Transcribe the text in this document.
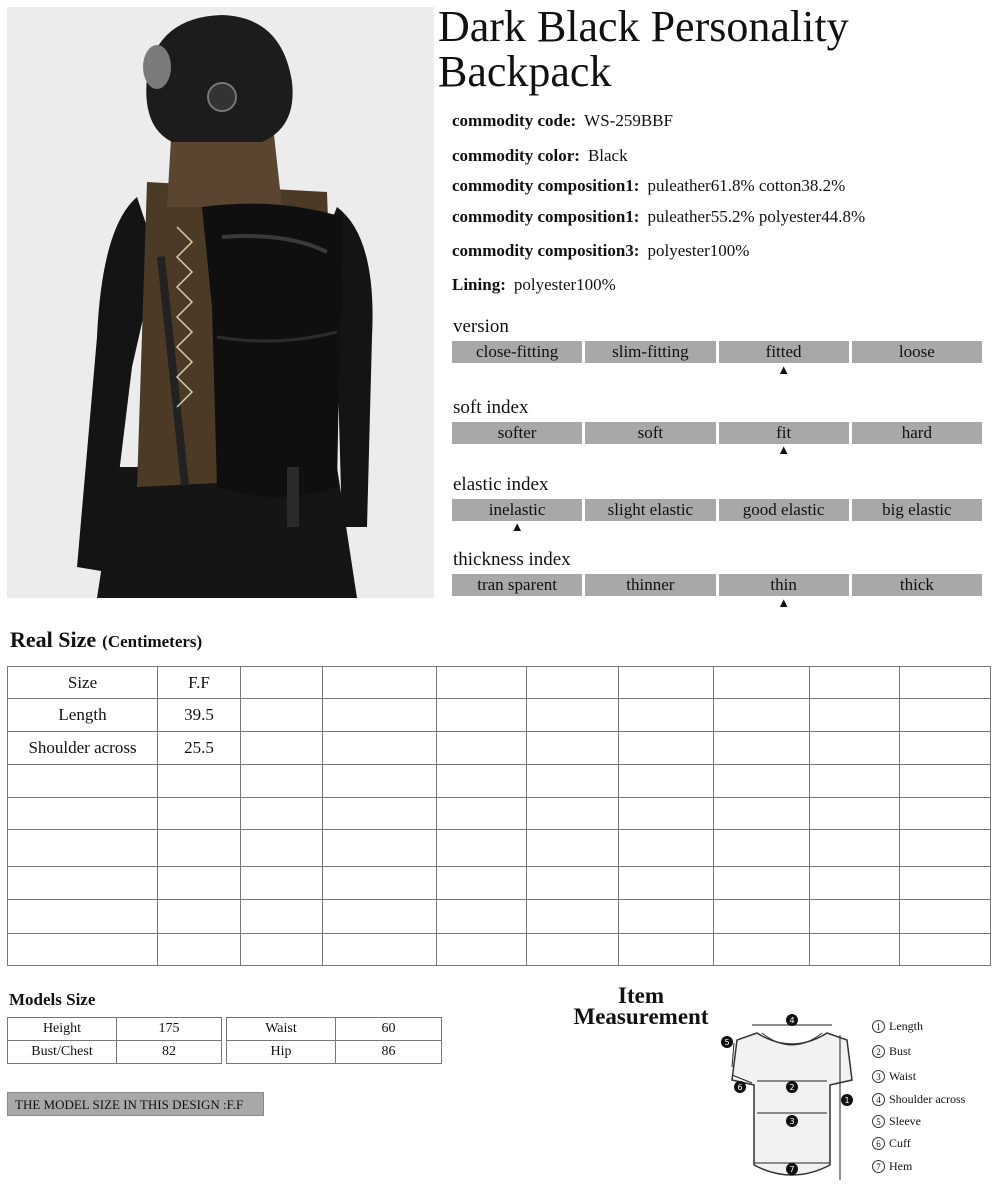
Dark Black Personality Backpack
commodity code: WS-259BBF
commodity color: Black
commodity composition1: puleather61.8% cotton38.2%
commodity composition1: puleather55.2% polyester44.8%
commodity composition3: polyester100%
Lining: polyester100%
version
close-fitting	slim-fitting	fitted	loose
▲
soft index
softer	soft	fit	hard
▲
elastic index
inelastic	slight elastic	good elastic	big elastic
▲
thickness index
tran sparent	thinner	thin	thick
▲
Real Size (Centimeters)
Size	F.F								
Length	39.5								
Shoulder across	25.5								

Models Size
Height	175
Bust/Chest	82
Waist	60
Hip	86
THE MODEL SIZE IN THIS DESIGN :F.F
Item
Measurement	4
5
6	2
3
7
1
1 Length
2 Bust
3 Waist
4 Shoulder across
5 Sleeve
6 Cuff
7 Hem
